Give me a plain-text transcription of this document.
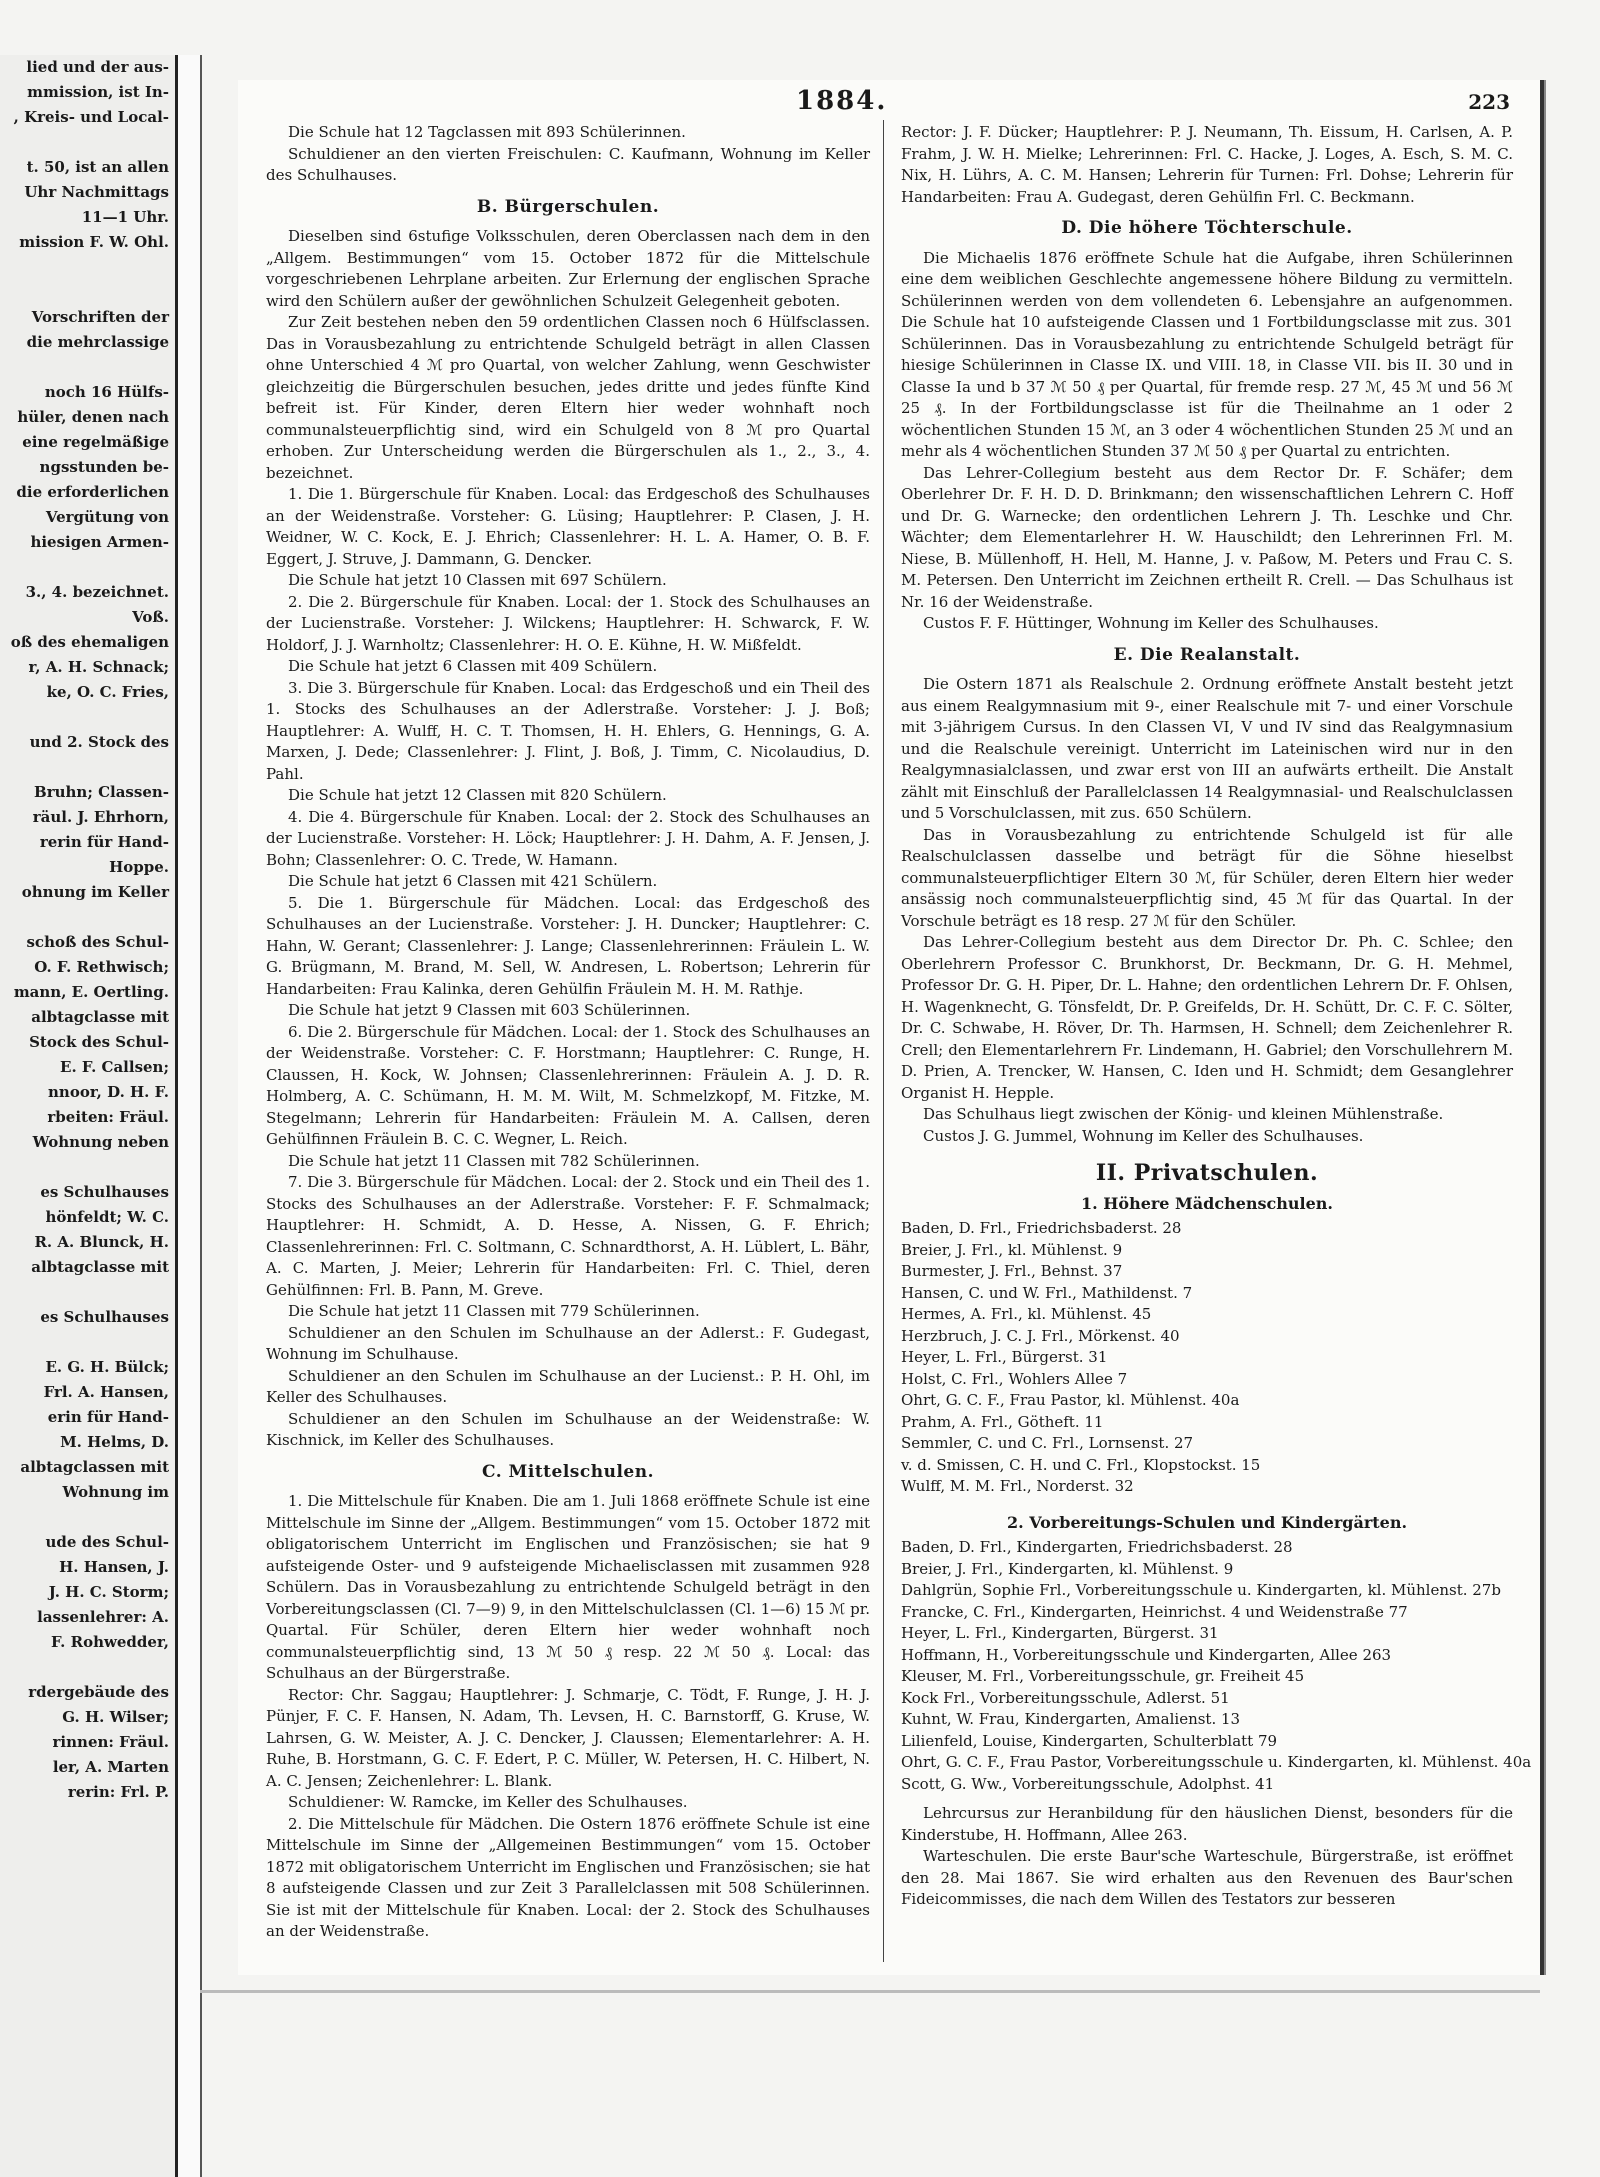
lied und der aus-
mmission, ist In-
, Kreis- und Local-

t. 50, ist an allen
Uhr Nachmittags
11—1 Uhr.
mission F. W. Ohl.

Vorschriften der
die mehrclassige

noch 16 Hülfs-
hüler, denen nach
eine regelmäßige
ngsstunden be-
die erforderlichen
Vergütung von
hiesigen Armen-

3., 4. bezeichnet.
Voß.
oß des ehemaligen
r, A. H. Schnack;
ke, O. C. Fries,

und 2. Stock des

Bruhn; Classen-
räul. J. Ehrhorn,
rerin für Hand-
Hoppe.
ohnung im Keller

schoß des Schul-
O. F. Rethwisch;
mann, E. Oertling.
albtagclasse mit
Stock des Schul-
E. F. Callsen;
nnoor, D. H. F.
rbeiten: Fräul.
Wohnung neben

es Schulhauses
hönfeldt; W. C.
R. A. Blunck, H.
albtagclasse mit

es Schulhauses

E. G. H. Bülck;
Frl. A. Hansen,
erin für Hand-
M. Helms, D.
albtagclassen mit
Wohnung im

ude des Schul-
H. Hansen, J.
J. H. C. Storm;
lassenlehrer: A.
F. Rohwedder,

rdergebäude des
G. H. Wilser;
rinnen: Fräul.
ler, A. Marten
rerin: Frl. P.
1884.	223

Die Schule hat 12 Tagclassen mit 893 Schülerinnen.

Schuldiener an den vierten Freischulen: C. Kaufmann, Wohnung im Keller des Schulhauses.

B. Bürgerschulen.

Dieselben sind 6stufige Volksschulen, deren Oberclassen nach dem in den „Allgem. Bestimmungen“ vom 15. October 1872 für die Mittelschule vorgeschriebenen Lehrplane arbeiten. Zur Erlernung der englischen Sprache wird den Schülern außer der gewöhnlichen Schulzeit Gelegenheit geboten.

Zur Zeit bestehen neben den 59 ordentlichen Classen noch 6 Hülfsclassen. Das in Vorausbezahlung zu entrichtende Schulgeld beträgt in allen Classen ohne Unterschied 4 ℳ pro Quartal, von welcher Zahlung, wenn Geschwister gleichzeitig die Bürgerschulen besuchen, jedes dritte und jedes fünfte Kind befreit ist. Für Kinder, deren Eltern hier weder wohnhaft noch communalsteuerpflichtig sind, wird ein Schulgeld von 8 ℳ pro Quartal erhoben. Zur Unterscheidung werden die Bürgerschulen als 1., 2., 3., 4. bezeichnet.

1. Die 1. Bürgerschule für Knaben. Local: das Erdgeschoß des Schulhauses an der Weidenstraße. Vorsteher: G. Lüsing; Hauptlehrer: P. Clasen, J. H. Weidner, W. C. Kock, E. J. Ehrich; Classenlehrer: H. L. A. Hamer, O. B. F. Eggert, J. Struve, J. Dammann, G. Dencker.

Die Schule hat jetzt 10 Classen mit 697 Schülern.

2. Die 2. Bürgerschule für Knaben. Local: der 1. Stock des Schulhauses an der Lucienstraße. Vorsteher: J. Wilckens; Hauptlehrer: H. Schwarck, F. W. Holdorf, J. J. Warnholtz; Classenlehrer: H. O. E. Kühne, H. W. Mißfeldt.

Die Schule hat jetzt 6 Classen mit 409 Schülern.

3. Die 3. Bürgerschule für Knaben. Local: das Erdgeschoß und ein Theil des 1. Stocks des Schulhauses an der Adlerstraße. Vorsteher: J. J. Boß; Hauptlehrer: A. Wulff, H. C. T. Thomsen, H. H. Ehlers, G. Hennings, G. A. Marxen, J. Dede; Classenlehrer: J. Flint, J. Boß, J. Timm, C. Nicolaudius, D. Pahl.

Die Schule hat jetzt 12 Classen mit 820 Schülern.

4. Die 4. Bürgerschule für Knaben. Local: der 2. Stock des Schulhauses an der Lucienstraße. Vorsteher: H. Löck; Hauptlehrer: J. H. Dahm, A. F. Jensen, J. Bohn; Classenlehrer: O. C. Trede, W. Hamann.

Die Schule hat jetzt 6 Classen mit 421 Schülern.

5. Die 1. Bürgerschule für Mädchen. Local: das Erdgeschoß des Schulhauses an der Lucienstraße. Vorsteher: J. H. Duncker; Hauptlehrer: C. Hahn, W. Gerant; Classenlehrer: J. Lange; Classenlehrerinnen: Fräulein L. W. G. Brügmann, M. Brand, M. Sell, W. Andresen, L. Robertson; Lehrerin für Handarbeiten: Frau Kalinka, deren Gehülfin Fräulein M. H. M. Rathje.

Die Schule hat jetzt 9 Classen mit 603 Schülerinnen.

6. Die 2. Bürgerschule für Mädchen. Local: der 1. Stock des Schulhauses an der Weidenstraße. Vorsteher: C. F. Horstmann; Hauptlehrer: C. Runge, H. Claussen, H. Kock, W. Johnsen; Classenlehrerinnen: Fräulein A. J. D. R. Holmberg, A. C. Schümann, H. M. M. Wilt, M. Schmelzkopf, M. Fitzke, M. Stegelmann; Lehrerin für Handarbeiten: Fräulein M. A. Callsen, deren Gehülfinnen Fräulein B. C. C. Wegner, L. Reich.

Die Schule hat jetzt 11 Classen mit 782 Schülerinnen.

7. Die 3. Bürgerschule für Mädchen. Local: der 2. Stock und ein Theil des 1. Stocks des Schulhauses an der Adlerstraße. Vorsteher: F. F. Schmalmack; Hauptlehrer: H. Schmidt, A. D. Hesse, A. Nissen, G. F. Ehrich; Classenlehrerinnen: Frl. C. Soltmann, C. Schnardthorst, A. H. Lüblert, L. Bähr, A. C. Marten, J. Meier; Lehrerin für Handarbeiten: Frl. C. Thiel, deren Gehülfinnen: Frl. B. Pann, M. Greve.

Die Schule hat jetzt 11 Classen mit 779 Schülerinnen.

Schuldiener an den Schulen im Schulhause an der Adlerst.: F. Gudegast, Wohnung im Schulhause.

Schuldiener an den Schulen im Schulhause an der Lucienst.: P. H. Ohl, im Keller des Schulhauses.

Schuldiener an den Schulen im Schulhause an der Weidenstraße: W. Kischnick, im Keller des Schulhauses.

C. Mittelschulen.

1. Die Mittelschule für Knaben. Die am 1. Juli 1868 eröffnete Schule ist eine Mittelschule im Sinne der „Allgem. Bestimmungen“ vom 15. October 1872 mit obligatorischem Unterricht im Englischen und Französischen; sie hat 9 aufsteigende Oster- und 9 aufsteigende Michaelisclassen mit zusammen 928 Schülern. Das in Vorausbezahlung zu entrichtende Schulgeld beträgt in den Vorbereitungsclassen (Cl. 7—9) 9, in den Mittelschulclassen (Cl. 1—6) 15 ℳ pr. Quartal. Für Schüler, deren Eltern hier weder wohnhaft noch communalsteuerpflichtig sind, 13 ℳ 50 ₰ resp. 22 ℳ 50 ₰. Local: das Schulhaus an der Bürgerstraße.

Rector: Chr. Saggau; Hauptlehrer: J. Schmarje, C. Tödt, F. Runge, J. H. J. Pünjer, F. C. F. Hansen, N. Adam, Th. Levsen, H. C. Barnstorff, G. Kruse, W. Lahrsen, G. W. Meister, A. J. C. Dencker, J. Claussen; Elementarlehrer: A. H. Ruhe, B. Horstmann, G. C. F. Edert, P. C. Müller, W. Petersen, H. C. Hilbert, N. A. C. Jensen; Zeichenlehrer: L. Blank.

Schuldiener: W. Ramcke, im Keller des Schulhauses.

2. Die Mittelschule für Mädchen. Die Ostern 1876 eröffnete Schule ist eine Mittelschule im Sinne der „Allgemeinen Bestimmungen“ vom 15. October 1872 mit obligatorischem Unterricht im Englischen und Französischen; sie hat 8 aufsteigende Classen und zur Zeit 3 Parallelclassen mit 508 Schülerinnen. Sie ist mit der Mittelschule für Knaben. Local: der 2. Stock des Schulhauses an der Weidenstraße.

Rector: J. F. Dücker; Hauptlehrer: P. J. Neumann, Th. Eissum, H. Carlsen, A. P. Frahm, J. W. H. Mielke; Lehrerinnen: Frl. C. Hacke, J. Loges, A. Esch, S. M. C. Nix, H. Lührs, A. C. M. Hansen; Lehrerin für Turnen: Frl. Dohse; Lehrerin für Handarbeiten: Frau A. Gudegast, deren Gehülfin Frl. C. Beckmann.

D. Die höhere Töchterschule.

Die Michaelis 1876 eröffnete Schule hat die Aufgabe, ihren Schülerinnen eine dem weiblichen Geschlechte angemessene höhere Bildung zu vermitteln. Schülerinnen werden von dem vollendeten 6. Lebensjahre an aufgenommen. Die Schule hat 10 aufsteigende Classen und 1 Fortbildungsclasse mit zus. 301 Schülerinnen. Das in Vorausbezahlung zu entrichtende Schulgeld beträgt für hiesige Schülerinnen in Classe IX. und VIII. 18, in Classe VII. bis II. 30 und in Classe Ia und b 37 ℳ 50 ₰ per Quartal, für fremde resp. 27 ℳ, 45 ℳ und 56 ℳ 25 ₰. In der Fortbildungsclasse ist für die Theilnahme an 1 oder 2 wöchentlichen Stunden 15 ℳ, an 3 oder 4 wöchentlichen Stunden 25 ℳ und an mehr als 4 wöchentlichen Stunden 37 ℳ 50 ₰ per Quartal zu entrichten.

Das Lehrer-Collegium besteht aus dem Rector Dr. F. Schäfer; dem Oberlehrer Dr. F. H. D. D. Brinkmann; den wissenschaftlichen Lehrern C. Hoff und Dr. G. Warnecke; den ordentlichen Lehrern J. Th. Leschke und Chr. Wächter; dem Elementarlehrer H. W. Hauschildt; den Lehrerinnen Frl. M. Niese, B. Müllenhoff, H. Hell, M. Hanne, J. v. Paßow, M. Peters und Frau C. S. M. Petersen. Den Unterricht im Zeichnen ertheilt R. Crell. — Das Schulhaus ist Nr. 16 der Weidenstraße.

Custos F. F. Hüttinger, Wohnung im Keller des Schulhauses.

E. Die Realanstalt.

Die Ostern 1871 als Realschule 2. Ordnung eröffnete Anstalt besteht jetzt aus einem Realgymnasium mit 9-, einer Realschule mit 7- und einer Vorschule mit 3-jährigem Cursus. In den Classen VI, V und IV sind das Realgymnasium und die Realschule vereinigt. Unterricht im Lateinischen wird nur in den Realgymnasialclassen, und zwar erst von III an aufwärts ertheilt. Die Anstalt zählt mit Einschluß der Parallelclassen 14 Realgymnasial- und Realschulclassen und 5 Vorschulclassen, mit zus. 650 Schülern.

Das in Vorausbezahlung zu entrichtende Schulgeld ist für alle Realschulclassen dasselbe und beträgt für die Söhne hieselbst communalsteuerpflichtiger Eltern 30 ℳ, für Schüler, deren Eltern hier weder ansässig noch communalsteuerpflichtig sind, 45 ℳ für das Quartal. In der Vorschule beträgt es 18 resp. 27 ℳ für den Schüler.

Das Lehrer-Collegium besteht aus dem Director Dr. Ph. C. Schlee; den Oberlehrern Professor C. Brunkhorst, Dr. Beckmann, Dr. G. H. Mehmel, Professor Dr. G. H. Piper, Dr. L. Hahne; den ordentlichen Lehrern Dr. F. Ohlsen, H. Wagenknecht, G. Tönsfeldt, Dr. P. Greifelds, Dr. H. Schütt, Dr. C. F. C. Sölter, Dr. C. Schwabe, H. Röver, Dr. Th. Harmsen, H. Schnell; dem Zeichenlehrer R. Crell; den Elementarlehrern Fr. Lindemann, H. Gabriel; den Vorschullehrern M. D. Prien, A. Trencker, W. Hansen, C. Iden und H. Schmidt; dem Gesanglehrer Organist H. Hepple.

Das Schulhaus liegt zwischen der König- und kleinen Mühlenstraße.

Custos J. G. Jummel, Wohnung im Keller des Schulhauses.

II. Privatschulen.
1. Höhere Mädchenschulen.
Baden, D. Frl., Friedrichsbaderst. 28
Breier, J. Frl., kl. Mühlenst. 9
Burmester, J. Frl., Behnst. 37
Hansen, C. und W. Frl., Mathildenst. 7
Hermes, A. Frl., kl. Mühlenst. 45
Herzbruch, J. C. J. Frl., Mörkenst. 40
Heyer, L. Frl., Bürgerst. 31
Holst, C. Frl., Wohlers Allee 7
Ohrt, G. C. F., Frau Pastor, kl. Mühlenst. 40a
Prahm, A. Frl., Götheft. 11
Semmler, C. und C. Frl., Lornsenst. 27
v. d. Smissen, C. H. und C. Frl., Klopstockst. 15
Wulff, M. M. Frl., Norderst. 32
2. Vorbereitungs-Schulen und Kindergärten.
Baden, D. Frl., Kindergarten, Friedrichsbaderst. 28
Breier, J. Frl., Kindergarten, kl. Mühlenst. 9
Dahlgrün, Sophie Frl., Vorbereitungsschule u. Kindergarten, kl. Mühlenst. 27b
Francke, C. Frl., Kindergarten, Heinrichst. 4 und Weidenstraße 77
Heyer, L. Frl., Kindergarten, Bürgerst. 31
Hoffmann, H., Vorbereitungsschule und Kindergarten, Allee 263
Kleuser, M. Frl., Vorbereitungsschule, gr. Freiheit 45
Kock Frl., Vorbereitungsschule, Adlerst. 51
Kuhnt, W. Frau, Kindergarten, Amalienst. 13
Lilienfeld, Louise, Kindergarten, Schulterblatt 79
Ohrt, G. C. F., Frau Pastor, Vorbereitungsschule u. Kindergarten, kl. Mühlenst. 40a
Scott, G. Ww., Vorbereitungsschule, Adolphst. 41

Lehrcursus zur Heranbildung für den häuslichen Dienst, besonders für die Kinderstube, H. Hoffmann, Allee 263.

Warteschulen. Die erste Baur'sche Warteschule, Bürgerstraße, ist eröffnet den 28. Mai 1867. Sie wird erhalten aus den Revenuen des Baur'schen Fideicommisses, die nach dem Willen des Testators zur besseren
